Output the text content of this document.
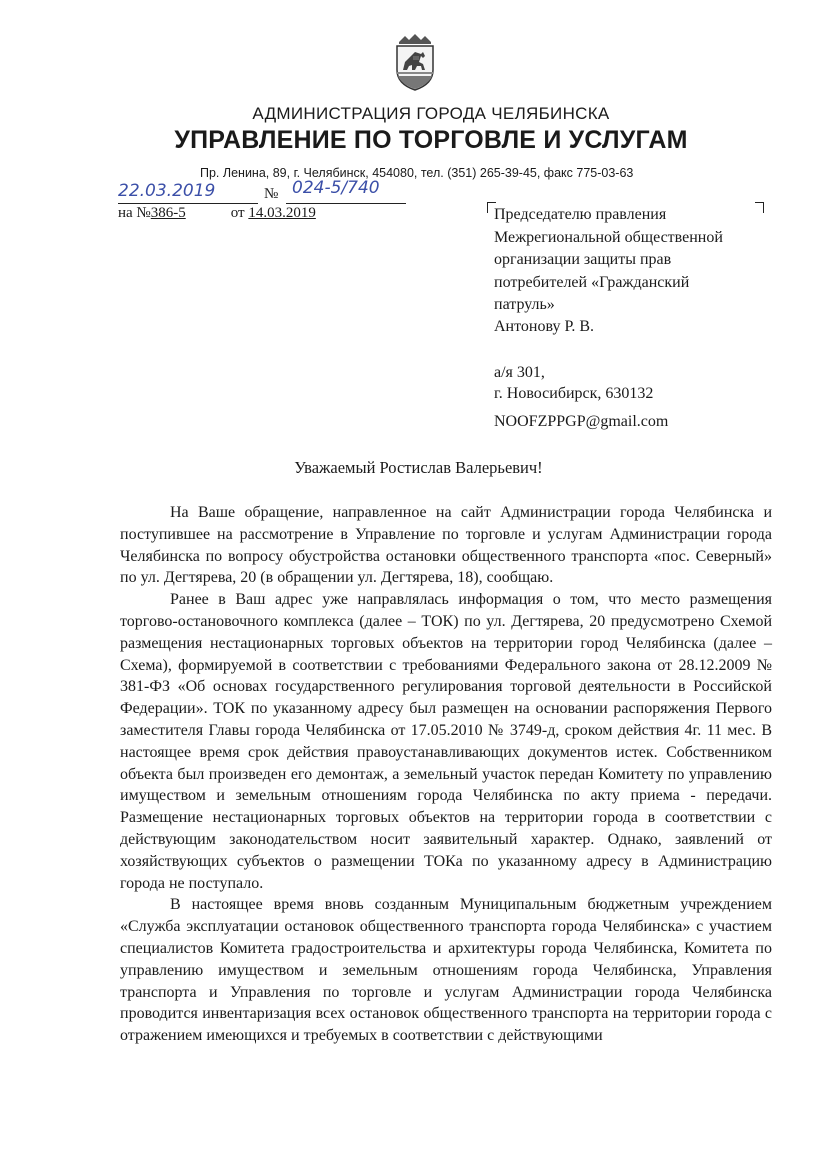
АДМИНИСТРАЦИЯ ГОРОДА ЧЕЛЯБИНСКА
УПРАВЛЕНИЕ ПО ТОРГОВЛЕ И УСЛУГАМ
Пр. Ленина, 89, г. Челябинск, 454080, тел. (351) 265-39-45, факс 775-03-63
22.03.2019	№ 024-5/740
на №386-5	от 14.03.2019	Председателю правления
Межрегиональной общественной
организации защиты прав
потребителей «Гражданский
патруль»
Антонову Р. В.
а/я 301,
г. Новосибирск, 630132
NOOFZPPGP@gmail.com
Уважаемый Ростислав Валерьевич!

На Ваше обращение, направленное на сайт Администрации города Челябинска и поступившее на рассмотрение в Управление по торговле и услугам Администрации города Челябинска по вопросу обустройства остановки общественного транспорта «пос. Северный» по ул. Дегтярева, 20 (в обращении ул. Дегтярева, 18), сообщаю.

Ранее в Ваш адрес уже направлялась информация о том, что место размещения торгово-остановочного комплекса (далее – ТОК) по ул. Дегтярева, 20 предусмотрено Схемой размещения нестационарных торговых объектов на территории город Челябинска (далее – Схема), формируемой в соответствии с требованиями Федерального закона от 28.12.2009 № 381-ФЗ «Об основах государственного регулирования торговой деятельности в Российской Федерации». ТОК по указанному адресу был размещен на основании распоряжения Первого заместителя Главы города Челябинска от 17.05.2010 № 3749-д, сроком действия 4г. 11 мес. В настоящее время срок действия правоустанавливающих документов истек. Собственником объекта был произведен его демонтаж, а земельный участок передан Комитету по управлению имуществом и земельным отношениям города Челябинска по акту приема - передачи. Размещение нестационарных торговых объектов на территории города в соответствии с действующим законодательством носит заявительный характер. Однако, заявлений от хозяйствующих субъектов о размещении ТОКа по указанному адресу в Администрацию города не поступало.

В настоящее время вновь созданным Муниципальным бюджетным учреждением «Служба эксплуатации остановок общественного транспорта города Челябинска» с участием специалистов Комитета градостроительства и архитектуры города Челябинска, Комитета по управлению имуществом и земельным отношениям города Челябинска, Управления транспорта и Управления по торговле и услугам Администрации города Челябинска проводится инвентаризация всех остановок общественного транспорта на территории города с отражением имеющихся и требуемых в соответствии с действующими
